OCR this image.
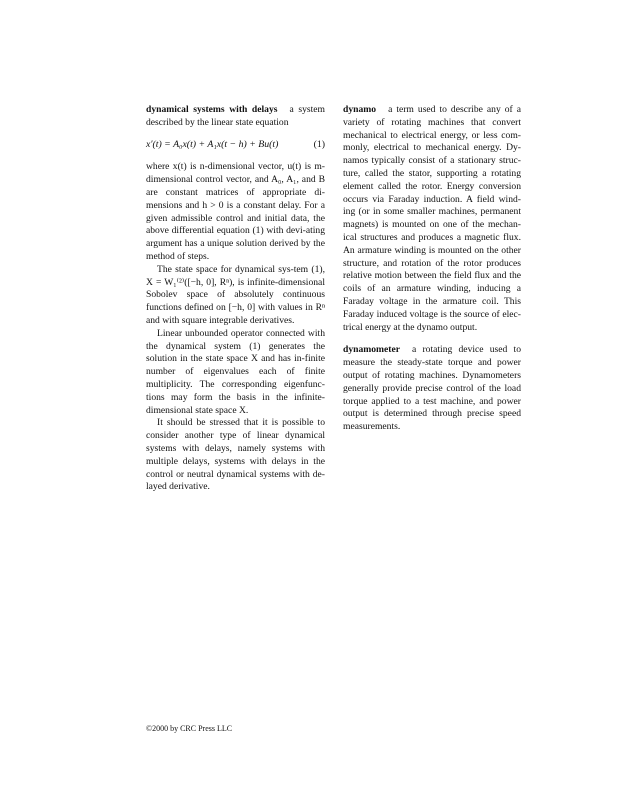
dynamical systems with delays a system described by the linear state equation

x′(t) = A₀x(t) + A₁x(t − h) + Bu(t)	(1)

where x(t) is n-dimensional vector, u(t) is m-dimensional control vector, and A₀, A₁, and B are constant matrices of appropriate di-mensions and h > 0 is a constant delay. For a given admissible control and initial data, the above differential equation (1) with devi-ating argument has a unique solution derived by the method of steps.

The state space for dynamical sys-tem (1), X = W₁⁽²⁾([−h, 0], Rⁿ), is infinite-dimensional Sobolev space of absolutely continuous functions defined on [−h, 0] with values in Rⁿ and with square integrable derivatives.

Linear unbounded operator connected with the dynamical system (1) generates the solution in the state space X and has in-finite number of eigenvalues each of finite multiplicity. The corresponding eigenfunc-tions may form the basis in the infinite-dimensional state space X.

It should be stressed that it is possible to consider another type of linear dynamical systems with delays, namely systems with multiple delays, systems with delays in the control or neutral dynamical systems with de-layed derivative.

dynamo a term used to describe any of a variety of rotating machines that convert mechanical to electrical energy, or less com-monly, electrical to mechanical energy. Dy-namos typically consist of a stationary struc-ture, called the stator, supporting a rotating element called the rotor. Energy conversion occurs via Faraday induction. A field wind-ing (or in some smaller machines, permanent magnets) is mounted on one of the mechan-ical structures and produces a magnetic flux. An armature winding is mounted on the other structure, and rotation of the rotor produces relative motion between the field flux and the coils of an armature winding, inducing a Faraday voltage in the armature coil. This Faraday induced voltage is the source of elec-trical energy at the dynamo output.

dynamometer a rotating device used to measure the steady-state torque and power output of rotating machines. Dynamometers generally provide precise control of the load torque applied to a test machine, and power output is determined through precise speed measurements.

©2000 by CRC Press LLC
